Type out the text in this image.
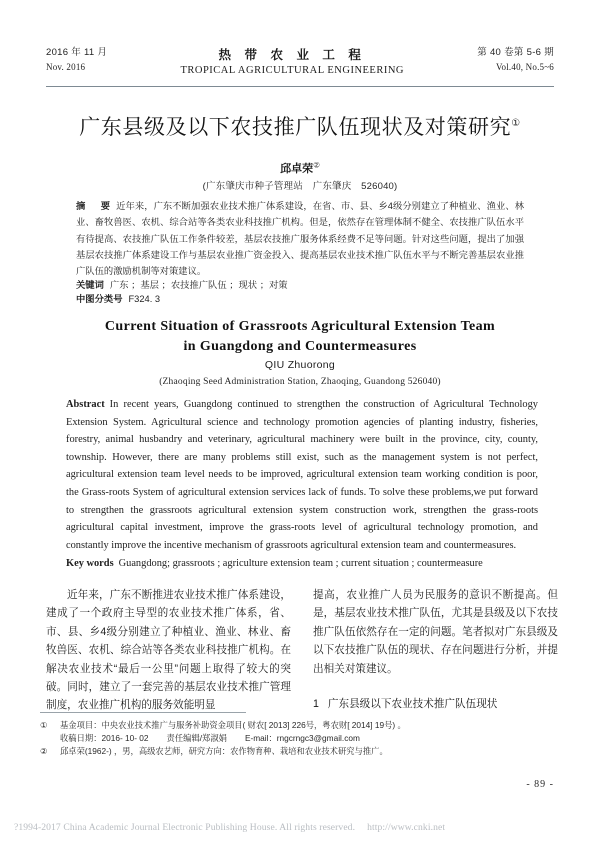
2016 年 11 月
Nov. 2016
热 带 农 业 工 程
TROPICAL AGRICULTURAL ENGINEERING
第 40 卷第 5-6 期
Vol.40, No.5~6
广东县级及以下农技推广队伍现状及对策研究①
邱卓荣②
(广东肇庆市种子管理站　广东肇庆　526040)
摘　要 近年来，广东不断加强农业技术推广体系建设，在省、市、县、乡4级分别建立了种植业、渔业、林业、畜牧兽医、农机、综合站等各类农业科技推广机构。但是，依然存在管理体制不健全、农技推广队伍水平有待提高、农技推广队伍工作条件较差，基层农技推广服务体系经费不足等问题。针对这些问题，提出了加强基层农技推广体系建设工作与基层农业推广资金投入、提高基层农业技术推广队伍水平与不断完善基层农业推广队伍的激励机制等对策建议。
关键词 广东 ；基层 ；农技推广队伍 ；现状 ；对策
中图分类号 F324. 3
Current Situation of Grassroots Agricultural Extension Team
in Guangdong and Countermeasures
QIU Zhuorong
(Zhaoqing Seed Administration Station, Zhaoqing, Guandong 526040)
Abstract In recent years, Guangdong continued to strengthen the construction of Agricultural Technology Extension System. Agricultural science and technology promotion agencies of planting industry, fisheries, forestry, animal husbandry and veterinary, agricultural machinery were built in the province, city, county, township. However, there are many problems still exist, such as the management system is not perfect, agricultural extension team level needs to be improved, agricultural extension team working condition is poor, the Grass-roots System of agricultural extension services lack of funds. To solve these problems,we put forward to strengthen the grassroots agricultural extension system construction work, strengthen the grass-roots agricultural capital investment, improve the grass-roots level of agricultural technology promotion, and constantly improve the incentive mechanism of grassroots agricultural extension team and countermeasures.
Key words Guangdong; grassroots ; agriculture extension team ; current situation ; countermeasure

近年来，广东不断推进农业技术推广体系建设，建成了一个政府主导型的农业技术推广体系，省、市、县、乡4级分别建立了种植业、渔业、林业、畜牧兽医、农机、综合站等各类农业科技推广机构。在解决农业技术“最后一公里”问题上取得了较大的突破。同时，建立了一套完善的基层农业技术推广管理制度，农业推广机构的服务效能明显

提高，农业推广人员为民服务的意识不断提高。但是，基层农业技术推广队伍，尤其是县级及以下农技推广队伍依然存在一定的问题。笔者拟对广东县级及以下农技推广队伍的现状、存在问题进行分析，并提出相关对策建议。

1 广东县级以下农业技术推广队伍现状
①	基金项目：中央农业技术推广与服务补助资金项目( 财农[ 2013] 226号，粤农财[ 2014] 19号) 。
收稿日期：2016- 10- 02 责任编辑/郑淑娟 E-mail：rngcrngc3@gmail.com
②	邱卓荣(1962-) ，男，高级农艺师，研究方向：农作物育种、栽培和农业技术研究与推广。
- 89 -
?1994-2017 China Academic Journal Electronic Publishing House. All rights reserved. http://www.cnki.net
